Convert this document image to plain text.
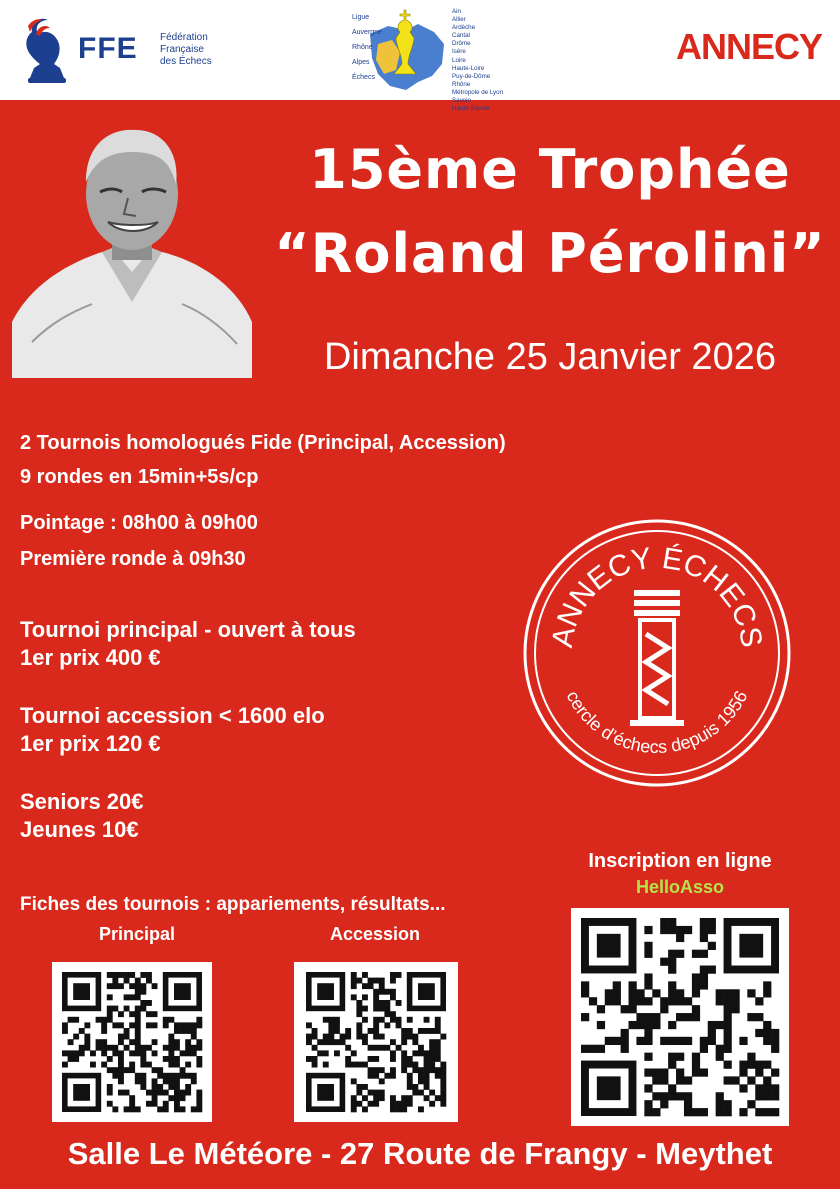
FFE Fédération
Française
des Échecs
Ligue
Auvergne
Rhône
Alpes
Échecs
Ain
Allier
Ardèche
Cantal
Drôme
Isère
Loire
Haute-Loire
Puy-de-Dôme
Rhône
Métropole de Lyon
Savoie
Haute-Savoie
ANNECY
15ème Trophée
“Roland Pérolini”
Dimanche 25 Janvier 2026
2 Tournois homologués Fide (Principal, Accession)
9 rondes en 15min+5s/cp
Pointage : 08h00 à 09h00
Première ronde à 09h30
Tournoi principal - ouvert à tous
1er prix 400 €
Tournoi accession < 1600 elo
1er prix 120 €
Seniors 20€
Jeunes 10€
ANNECY ÉCHECS
cercle d’échecs depuis 1956
Inscription en ligne
HelloAsso
Fiches des tournois : appariements, résultats...
Principal	Accession
Salle Le Météore - 27 Route de Frangy - Meythet
